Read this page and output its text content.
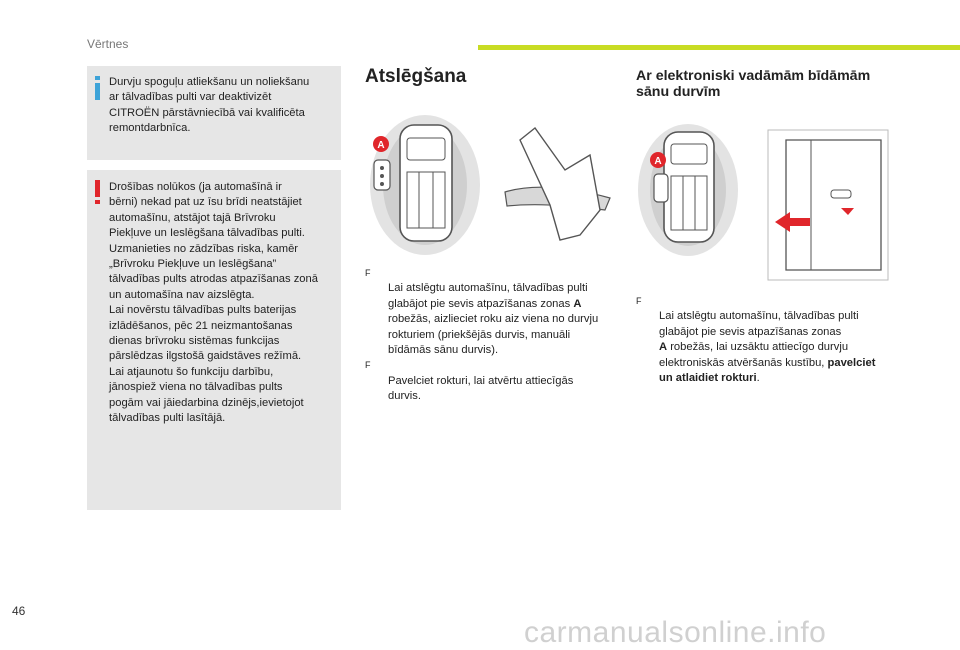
Vērtnes
Durvju spoguļu atliekšanu un noliekšanu
ar tālvadības pulti var deaktivizēt
CITROËN pārstāvniecībā vai kvalificēta
remontdarbnīca.
Drošības nolūkos (ja automašīnā ir
bērni) nekad pat uz īsu brīdi neatstājiet
automašīnu, atstājot tajā Brīvroku
Piekļuve un Ieslēgšana tālvadības pulti.
Uzmanieties no zādzības riska, kamēr
„Brīvroku Piekļuve un Ieslēgšana”
tālvadības pults atrodas atpazīšanas zonā
un automašīna nav aizslēgta.
Lai novērstu tālvadības pults baterijas
izlādēšanos, pēc 21 neizmantošanas
dienas brīvroku sistēmas funkcijas
pārslēdzas ilgstošā gaidstāves režīmā.
Lai atjaunotu šo funkciju darbību,
jānospiež viena no tālvadības pults
pogām vai jāiedarbina dzinējs,ievietojot
tālvadības pulti lasītājā.
Atslēgšana
A

F
Lai atslēgtu automašīnu, tālvadības pulti
glabājot pie sevis atpazīšanas zonas A
robežās, aizlieciet roku aiz viena no durvju
rokturiem (priekšējās durvis, manuāli
bīdāmās sānu durvis).

F
Pavelciet rokturi, lai atvērtu attiecīgās
durvis.

Ar elektroniski vadāmām bīdāmām sānu durvīm
A

F
Lai atslēgtu automašīnu, tālvadības pulti
glabājot pie sevis atpazīšanas zonas
A robežās, lai uzsāktu attiecīgo durvju
elektroniskās atvēršanās kustību, pavelciet
un atlaidiet rokturi.

46
carmanualsonline.info
